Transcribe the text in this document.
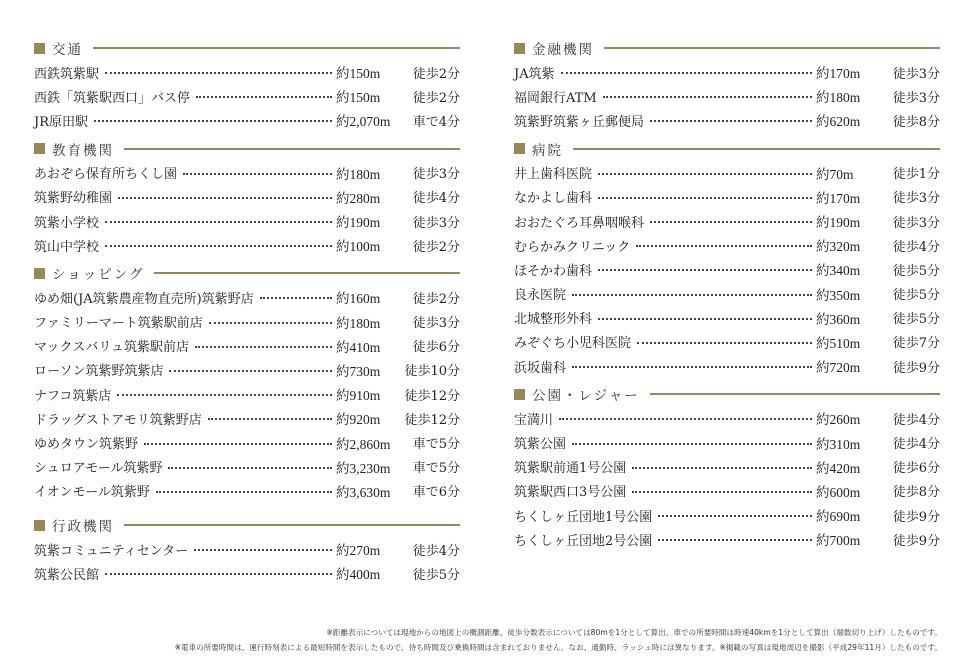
交通
西鉄筑紫駅	約150m	徒歩2分
西鉄「筑紫駅西口」バス停	約150m	徒歩2分
JR原田駅	約2,070m	車で4分
教育機関
あおぞら保育所ちくし園	約180m	徒歩3分
筑紫野幼稚園	約280m	徒歩4分
筑紫小学校	約190m	徒歩3分
筑山中学校	約100m	徒歩2分
ショッピング
ゆめ畑(JA筑紫農産物直売所)筑紫野店	約160m	徒歩2分
ファミリーマート筑紫駅前店	約180m	徒歩3分
マックスバリュ筑紫駅前店	約410m	徒歩6分
ローソン筑紫野筑紫店	約730m	徒歩10分
ナフコ筑紫店	約910m	徒歩12分
ドラッグストアモリ筑紫野店	約920m	徒歩12分
ゆめタウン筑紫野	約2,860m	車で5分
シュロアモール筑紫野	約3,230m	車で5分
イオンモール筑紫野	約3,630m	車で6分
行政機関
筑紫コミュニティセンター	約270m	徒歩4分
筑紫公民館	約400m	徒歩5分
金融機関
JA筑紫	約170m	徒歩3分
福岡銀行ATM	約180m	徒歩3分
筑紫野筑紫ヶ丘郵便局	約620m	徒歩8分
病院
井上歯科医院	約70m	徒歩1分
なかよし歯科	約170m	徒歩3分
おおたぐろ耳鼻咽喉科	約190m	徒歩3分
むらかみクリニック	約320m	徒歩4分
ほそかわ歯科	約340m	徒歩5分
良永医院	約350m	徒歩5分
北城整形外科	約360m	徒歩5分
みぞぐち小児科医院	約510m	徒歩7分
浜坂歯科	約720m	徒歩9分
公園・レジャー
宝満川	約260m	徒歩4分
筑紫公園	約310m	徒歩4分
筑紫駅前通1号公園	約420m	徒歩6分
筑紫駅西口3号公園	約600m	徒歩8分
ちくしヶ丘団地1号公園	約690m	徒歩9分
ちくしヶ丘団地2号公園	約700m	徒歩9分
※距離表示については現地からの地図上の概測距離、徒歩分数表示については80mを1分として算出、車での所要時間は時速40kmを1分として算出（端数切り上げ）したものです。
※電車の所要時間は、運行時刻表による最短時間を表示したもので、待ち時間及び乗換時間は含まれておりません。なお、通勤時、ラッシュ時には異なります。※掲載の写真は現地周辺を撮影（平成29年11月）したものです。
